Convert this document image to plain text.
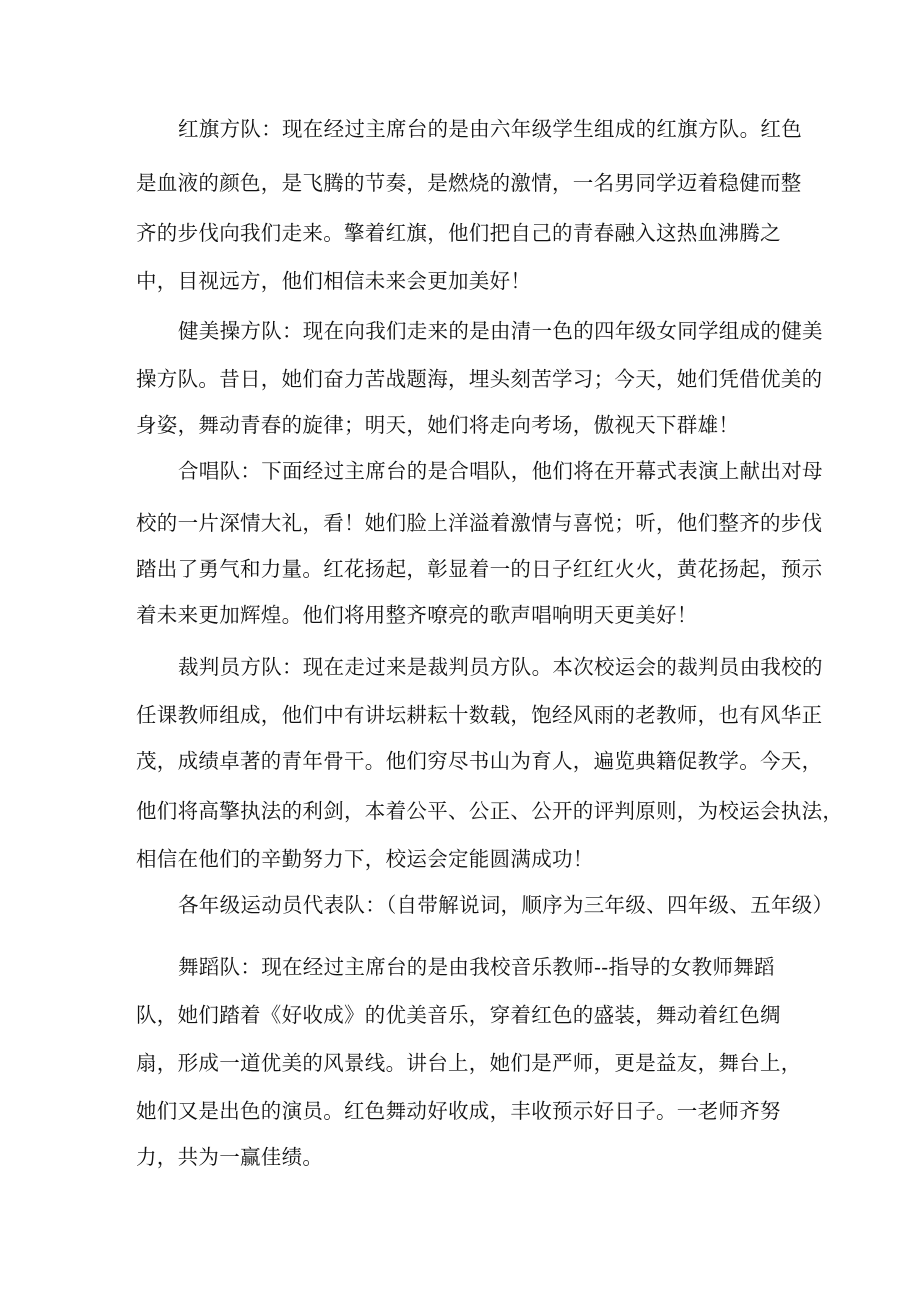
红旗方队：现在经过主席台的是由六年级学生组成的红旗方队。红色
是血液的颜色，是飞腾的节奏，是燃烧的激情，一名男同学迈着稳健而整
齐的步伐向我们走来。擎着红旗，他们把自己的青春融入这热血沸腾之
中，目视远方，他们相信未来会更加美好！
健美操方队：现在向我们走来的是由清一色的四年级女同学组成的健美
操方队。昔日，她们奋力苦战题海，埋头刻苦学习；今天，她们凭借优美的
身姿，舞动青春的旋律；明天，她们将走向考场，傲视天下群雄！
合唱队：下面经过主席台的是合唱队，他们将在开幕式表演上献出对母
校的一片深情大礼，看！她们脸上洋溢着激情与喜悦；听，他们整齐的步伐
踏出了勇气和力量。红花扬起，彰显着一的日子红红火火，黄花扬起，预示
着未来更加辉煌。他们将用整齐嘹亮的歌声唱响明天更美好！
裁判员方队：现在走过来是裁判员方队。本次校运会的裁判员由我校的
任课教师组成，他们中有讲坛耕耘十数载，饱经风雨的老教师，也有风华正
茂，成绩卓著的青年骨干。他们穷尽书山为育人，遍览典籍促教学。今天，
他们将高擎执法的利剑，本着公平、公正、公开的评判原则，为校运会执法，
相信在他们的辛勤努力下，校运会定能圆满成功！
各年级运动员代表队：（自带解说词，顺序为三年级、四年级、五年级）
舞蹈队：现在经过主席台的是由我校音乐教师--指导的女教师舞蹈
队，她们踏着《好收成》的优美音乐，穿着红色的盛装，舞动着红色绸
扇，形成一道优美的风景线。讲台上，她们是严师，更是益友，舞台上，
她们又是出色的演员。红色舞动好收成，丰收预示好日子。一老师齐努
力，共为一赢佳绩。
